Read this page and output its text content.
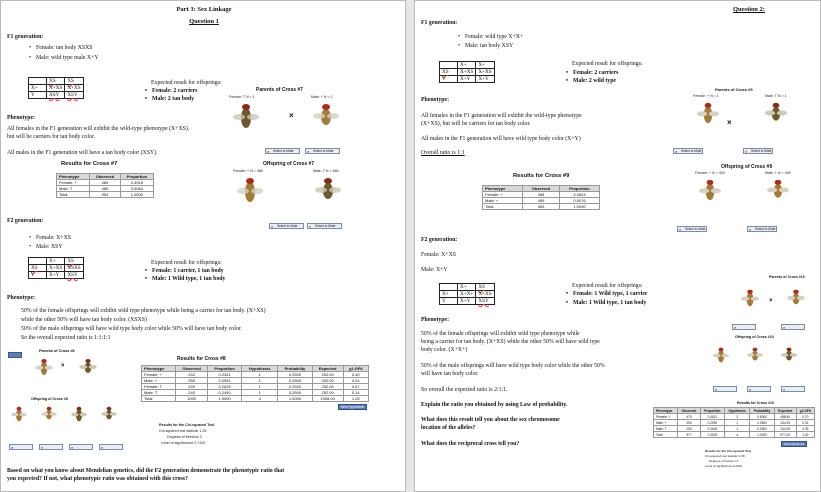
Part 3: Sex Linkage
Question 1
F1 generation:
• Female: tan body XSXS
• Male: wild type male X+Y
	XS	XS
X+	X+XS	X+XS
Y	XSY	XSY
Expected result for offsprings:
• Female: 2 carriers
• Male: 2 tan body
Phenotype:
All females in the F1 generation will exhibit the wild-type phenotype (X+XS).
but will be carriers for tan body color.
All males in the F1 generation will have a tan body color (XSY).
Parents of Cross #7
Female: T N = 1	Male: + N = 1
×
⌕ Select to Mate	⌕ Select to Mate
Results for Cross #7
Phenotype	Observed	Proportion
Female: +	489	0.4916
Male: T	485	0.5084
Total	954	1.0000
Offspring of Cross #7
Female: + N = 480	Male: T N = 485
⌕ Select to Mate	⌕ Select to Mate
F2 generation:
• Female: X+XS
• Male: XSY
	X+	XS
XS	X+XS	XSXS
Y	X+Y	XSY
Expected result for offsprings:
• Female: 1 carrier, 1 tan body
• Male: 1 Wild type, 1 tan body
Phenotype:
50% of the female offsprings will exhibit wild type phenotype while being a carrier for tan body. (X+XS)
while the other 50% will have tan body color. (XSXS)
50% of the male offsprings will have wild type body color while 50% will have tan body color.
So the overall expected ratio is 1:1:1:1
Parents of Cross #8
×
Results for Cross #8
Phenotype	Observed	Proportion	Hypothesis	Probability	Expected	χ2-GFit
Female: +	242	0.2421	1	0.2500	252.00	0.40
Male: +	255	0.2551	1	0.2500	252.00	0.04
Female: T	249	0.2629	1	0.2500	252.00	0.67
Male: T	240	0.2440	1	0.2500	252.00	0.14
Total	1000	1.0000	4	1.0000	1008.00	1.25
New Hypothesis
Offspring of Cross #8
⌕	⌕	⌕	⌕
Results for the Chi-squared Test
Chi-squared test statistic 1.25
Degrees of freedom 3
Level of significance 0.7410
Based on what you know about Mendelian genetics, did the F2 generation demonstrate the phenotypic ratio that
you expected? If not, what phenotypic ratio was obtained with this cross?
Question 2:
F1 generation:
• Female: wild type X+X+
• Male: tan body XSY
	X+	X+
XS	X+XS	X+XS
Y	X+Y	X+Y
Expected result for offsprings:
• Female: 2 carriers
• Male: 2 wild type
Phenotype:
All females in the F1 generation will exhibit the wild-type phenotype
(X+XS), but will be carriers for tan body color.
All males in the F1 generation will have wild type body color (X+Y)
Overall ratio is 1:1
Parents of Cross #9
Female: + N = 1	Male: T N = 1
×
⌕ Select to Mate	⌕ Select to Mate
Results for Cross #9
Phenotype	Observed	Proportion
Female: +	484	0.4924
Male: +	499	0.5076
Total	983	1.0000
Offspring of Cross #9
Female: + N = 404	Male: + N = 499
⌕ Select to Mate	⌕ Select to Mate
F2 generation:
Female: X+XS
Male: X+Y
	X+	XS
X+	X+X+	X+XS
Y	X+Y	XSY
Expected result for offsprings:
• Female: 1 Wild type, 1 carrier
• Male: 1 Wild type, 1 tan body
Parents of Cross #10
×
⌕	⌕
Phenotype:
50% of the female offsprings will exhibit wild type phenotype while
being a carrier for tan body. (X+XS) while the other 50% will have wild type
body color. (X+X+)
50% of the male offsprings will have wild type body color while the other 50%
will have tan body color.
Offspring of Cross #10
⌕	⌕	⌕
So overall the expected ratio is 2:1:1.
Results for Cross #10
Phenotype	Observed	Proportion	Hypothesis	Probability	Expected	χ2-GFit
Female: +	470	0.4811	2	0.5000	488.50	0.70
Male: +	253	0.2590	1	0.2500	244.25	0.31
Male: T	254	0.2600	1	0.2500	244.25	0.39
Total	977	1.0000	4	1.0000	977.00	1.40
New Hypothesis
Results for the Chi-squared Test
Chi-squared test statistic 2.48
Degrees of freedom 3
Level of significance 0.2910
Explain the ratio you obtained by using Law of probability.
What does this result tell you about the sex chromosome
location of the alleles?
What does the reciprocal cross tell you?
